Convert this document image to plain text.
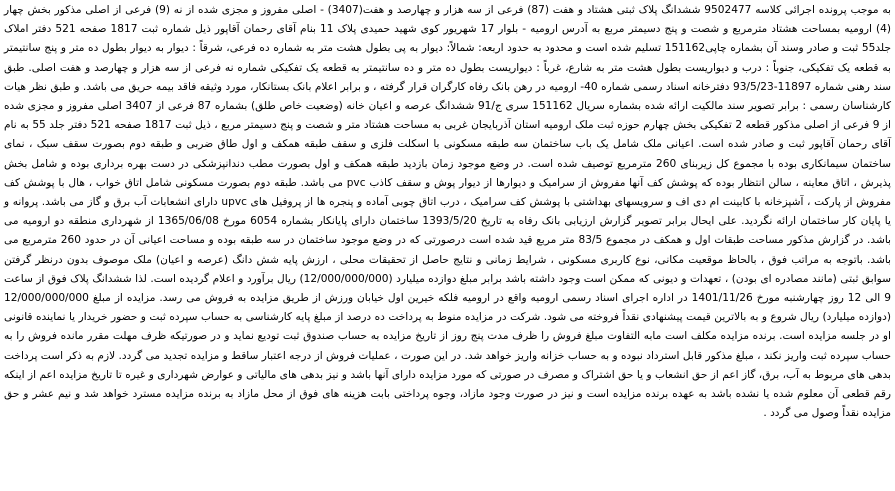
به موجب پرونده اجرائی کلاسه 9502477 ششدانگ پلاک ثبتی هشتاد و هفت (87) فرعی از سه هزار و چهارصد و هفت(3407) - اصلی مفروز و مجزی شده از نه (9) فرعی از اصلی مذکور بخش چهار (4) ارومیه بمساحت هشتاد مترمربع و شصت و پنج دسیمتر مربع به آدرس ارومیه - بلوار 17 شهریور کوی شهید حمیدی پلاک 11 بنام آقای رحمان آقاپور ذیل شماره ثبت 1817 صفحه 521 دفتر املاک جلد55 ثبت و صادر وسند آن بشماره چاپی151162 تسلیم شده است و محدود به حدود اربعه: شمالاً: دیوار به پی بطول هشت متر به شماره ده فرعی، شرقاً : دیوار به دیوار بطول ده متر و پنج سانتیمتر به قطعه یک تفکیکی، جنوباً : درب و دیواریست بطول هشت متر به شارع، غرباً : دیواریست بطول ده متر و ده سانتیمتر به قطعه یک تفکیکی شماره نه فرعی از سه هزار و چهارصد و هفت اصلی. طبق سند رهنی شماره 11897-93/5/23 دفترخانه اسناد رسمی شماره 40- ارومیه در رهن بانک رفاه کارگران قرار گرفته ، و برابر اعلام بانک بستانکار، مورد وثیقه فاقد بیمه حریق می باشد. و طبق نظر هیات کارشناسان رسمی : برابر تصویر سند مالکیت ارائه شده بشماره سریال 151162 سری ج/91 ششدانگ عرصه و اعیان خانه (وضعیت خاص طلق) بشماره 87 فرعی از 3407 اصلی مفروز و مجزی شده از 9 فرعی از اصلی مذکور قطعه 2 تفکیکی بخش چهارم حوزه ثبت ملک ارومیه استان آذربایجان غربی به مساحت هشتاد متر و شصت و پنج دسیمتر مربع ، ذیل ثبت 1817 صفحه 521 دفتر جلد 55 به نام آقای رحمان آقاپور ثبت و صادر شده است. اعیانی ملک شامل یک باب ساختمان سه طبقه مسکونی با اسکلت فلزی و سقف طبقه همکف و اول طاق ضربی و طبقه دوم بصورت سقف سبک ، نمای ساختمان سیمانکاری بوده با مجموع کل زیربنای 260 مترمربع توصیف شده است. در وضع موجود زمان بازدید طبقه همکف و اول بصورت مطب دندانپزشکی در دست بهره برداری بوده و شامل بخش پذیرش ، اتاق معاینه ، سالن انتظار بوده که پوشش کف آنها مفروش از سرامیک و دیوارها از دیوار پوش و سقف کاذب pvc می باشد. طبقه دوم بصورت مسکونی شامل اتاق خواب ، هال با پوشش کف مفروش از پارکت ، آشپزخانه با کابینت ام دی اف و سرویسهای بهداشتی با پوشش کف سرامیک ، درب اتاق چوبی آماده و پنجره ها از پروفیل های upvc دارای انشعابات آب برق و گاز می باشد. پروانه و یا پایان کار ساختمان ارائه نگردید. علی ایحال برابر تصویر گزارش ارزیابی بانک رفاه به تاریخ 1393/5/20 ساختمان دارای پایانکار بشماره 6054 مورخ 1365/06/08 از شهرداری منطقه دو ارومیه می باشد. در گزارش مذکور مساحت طبقات اول و همکف در مجموع 83/5 متر مربع قید شده است درصورتی که در وضع موجود ساختمان در سه طبقه بوده و مساحت اعیانی آن در حدود 260 مترمربع می باشد. باتوجه به مراتب فوق ، بالحاظ موقعیت مکانی، نوع کاربری مسکونی ، شرایط زمانی و نتایج حاصل از تحقیقات محلی ، ارزش پایه شش دانگ (عرصه و اعیان) ملک موصوف بدون درنظر گرفتن سوابق ثبتی (مانند مصادره ای بودن) ، تعهدات و دیونی که ممکن است وجود داشته باشد برابر مبلغ دوازده میلیارد (12/000/000/000) ریال برآورد و اعلام گردیده است. لذا ششدانگ پلاک فوق از ساعت 9 الی 12 روز چهارشنبه مورخ 1401/11/26 در اداره اجرای اسناد رسمی ارومیه واقع در ارومیه فلکه خیرین اول خیابان ورزش از طریق مزایده به فروش می رسد. مزایده از مبلغ 12/000/000/000 (دوازده میلیارد) ریال شروع و به بالاترین قیمت پیشنهادی نقداً فروخته می شود. شرکت در مزایده منوط به پرداخت ده درصد از مبلغ پایه کارشناسی به حساب سپرده ثبت و حضور خریدار یا نماینده قانونی او در جلسه مزایده است. برنده مزایده مکلف است مابه التفاوت مبلغ فروش را ظرف مدت پنج روز از تاریخ مزایده به حساب صندوق ثبت تودیع نماید و در صورتیکه ظرف مهلت مقرر مانده فروش را به حساب سپرده ثبت واریز نکند ، مبلغ مذکور قابل استرداد نبوده و به حساب خزانه واریز خواهد شد. در این صورت ، عملیات فروش از درجه اعتبار ساقط و مزایده تجدید می گردد. لازم به ذکر است پرداخت بدهی های مربوط به آب، برق، گاز اعم از حق انشعاب و یا حق اشتراک و مصرف در صورتی که مورد مزایده دارای آنها باشد و نیز بدهی های مالیاتی و عوارض شهرداری و غیره تا تاریخ مزایده اعم از اینکه رقم قطعی آن معلوم شده یا نشده باشد به عهده برنده مزایده است و نیز در صورت وجود مازاد، وجوه پرداختی بابت هزینه های فوق از محل مازاد به برنده مزایده مسترد خواهد شد و نیم عشر و حق مزایده نقداً وصول می گردد .
